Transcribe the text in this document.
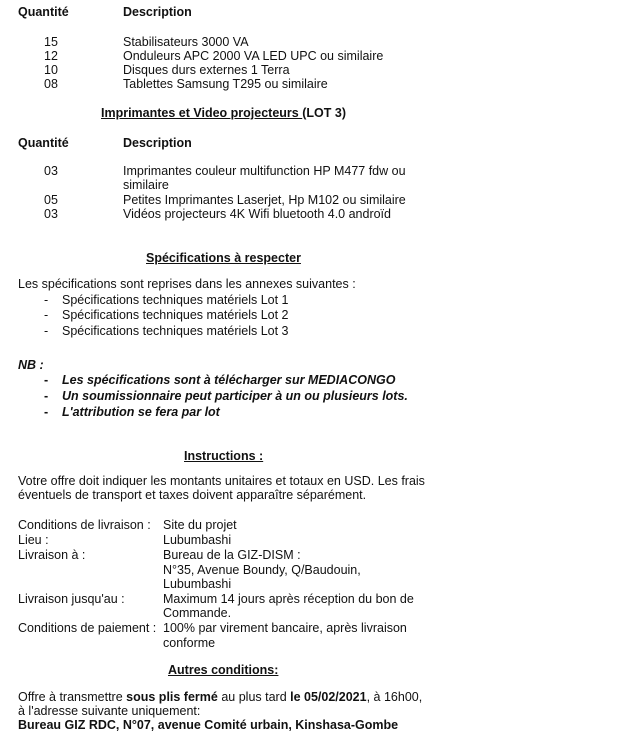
Quantité	Description
15	Stabilisateurs 3000 VA
12	Onduleurs APC 2000 VA LED UPC ou similaire
10	Disques durs externes 1 Terra
08	Tablettes Samsung T295 ou similaire
Imprimantes et Video projecteurs (LOT 3)
Quantité	Description
03	Imprimantes couleur multifunction HP M477 fdw ou
similaire
05	Petites Imprimantes Laserjet, Hp M102 ou similaire
03	Vidéos projecteurs 4K Wifi bluetooth 4.0 androïd
Spécifications à respecter
Les spécifications sont reprises dans les annexes suivantes :
- Spécifications techniques matériels Lot 1
- Spécifications techniques matériels Lot 2
- Spécifications techniques matériels Lot 3
NB :
- Les spécifications sont à télécharger sur MEDIACONGO
- Un soumissionnaire peut participer à un ou plusieurs lots.
- L'attribution se fera par lot
Instructions :
Votre offre doit indiquer les montants unitaires et totaux en USD. Les frais
éventuels de transport et taxes doivent apparaître séparément.
Conditions de livraison : Site du projet
Lieu :	Lubumbashi
Livraison à :	Bureau de la GIZ-DISM :
N°35, Avenue Boundy, Q/Baudouin,
Lubumbashi
Livraison jusqu'au :	Maximum 14 jours après réception du bon de
Commande.
Conditions de paiement : 100% par virement bancaire, après livraison
conforme
Autres conditions:
Offre à transmettre sous plis fermé au plus tard le 05/02/2021, à 16h00,
à l'adresse suivante uniquement:
Bureau GIZ RDC, N°07, avenue Comité urbain, Kinshasa-Gombe
